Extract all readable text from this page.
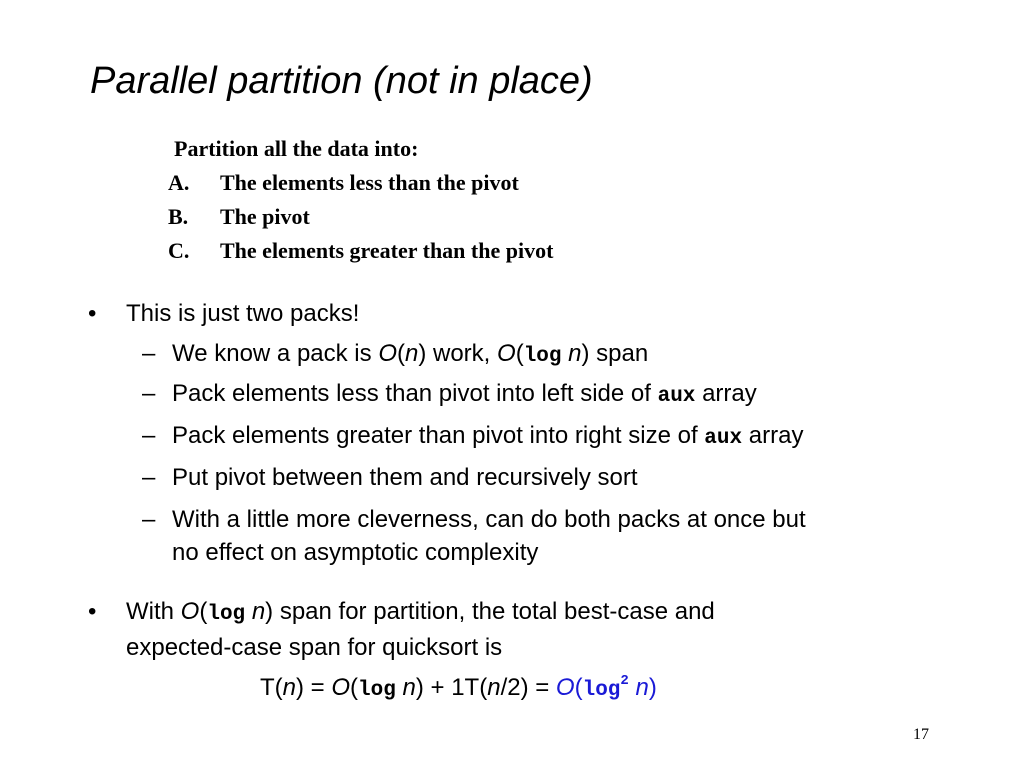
Parallel partition (not in place)
Partition all the data into:
A. The elements less than the pivot
B. The pivot
C. The elements greater than the pivot
• This is just two packs!
– We know a pack is O(n) work, O(log n) span
– Pack elements less than pivot into left side of aux array
– Pack elements greater than pivot into right size of aux array
– Put pivot between them and recursively sort
– With a little more cleverness, can do both packs at once but
no effect on asymptotic complexity
• With O(log n) span for partition, the total best-case and
expected-case span for quicksort is
T(n) = O(log $n) + 1T(n/2) = O(\log^2$ n)
17
